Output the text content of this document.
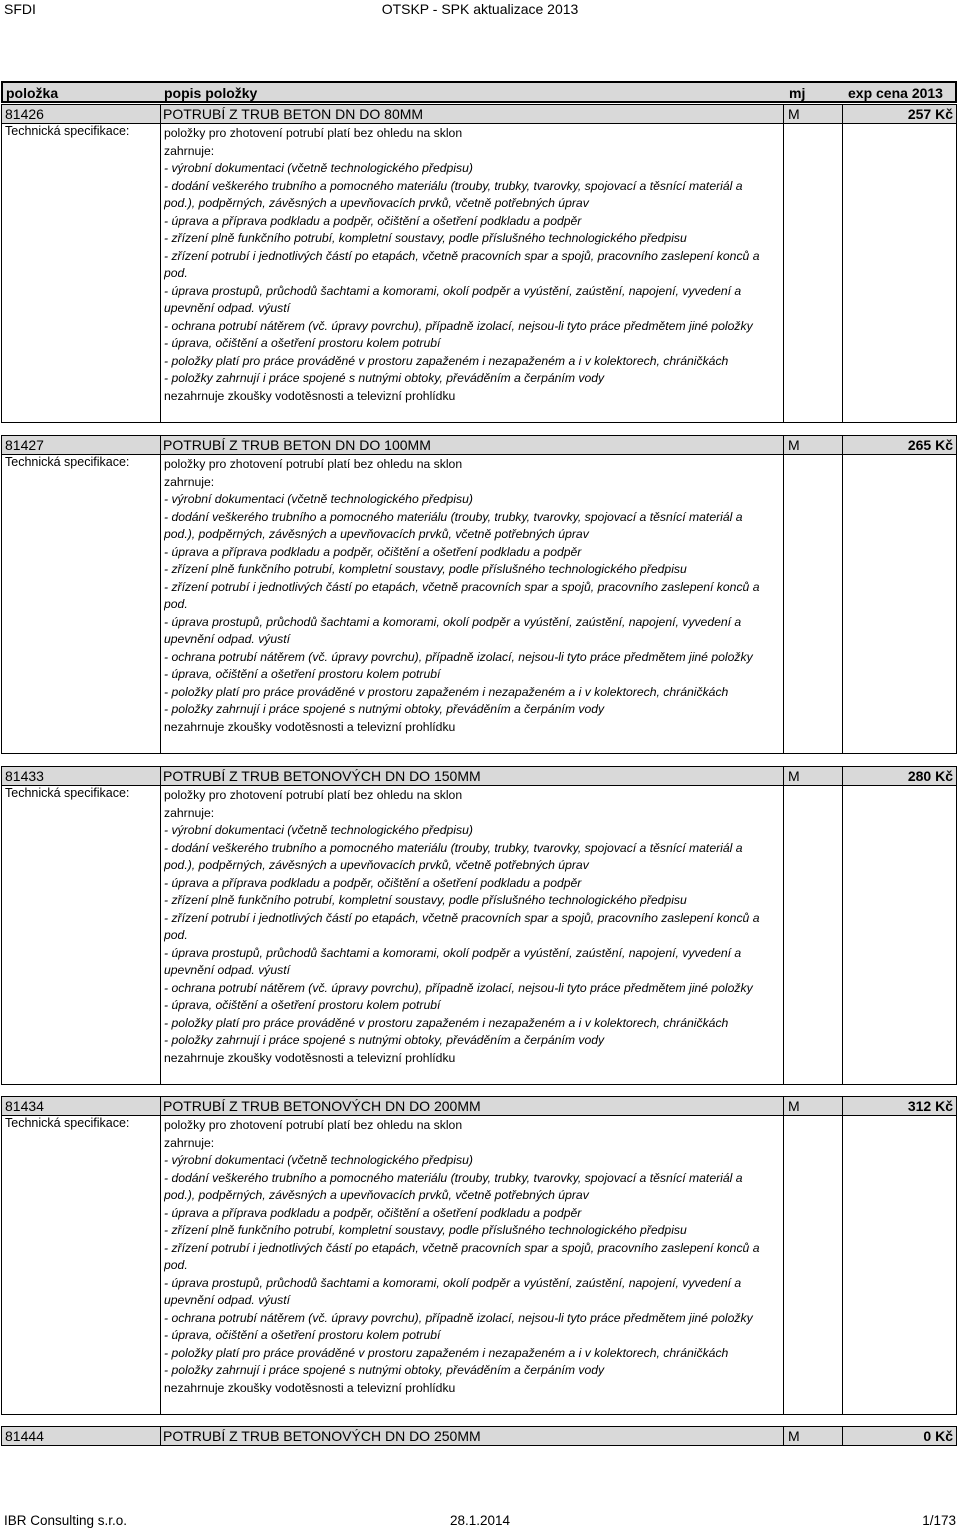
SFDI	OTSKP - SPK aktualizace 2013
položka	popis položky	mj	exp cena 2013
81426	POTRUBÍ Z TRUB BETON DN DO 80MM	M	257 Kč
Technická specifikace:	položky pro zhotovení potrubí platí bez ohledu na sklon
zahrnuje:
- výrobní dokumentaci (včetně technologického předpisu)
- dodání veškerého trubního a pomocného materiálu (trouby, trubky, tvarovky, spojovací a těsnící materiál a
pod.), podpěrných, závěsných a upevňovacích prvků, včetně potřebných úprav
- úprava a příprava podkladu a podpěr, očištění a ošetření podkladu a podpěr
- zřízení plně funkčního potrubí, kompletní soustavy, podle příslušného technologického předpisu
- zřízení potrubí i jednotlivých částí po etapách, včetně pracovních spar a spojů, pracovního zaslepení konců a
pod.
- úprava prostupů, průchodů šachtami a komorami, okolí podpěr a vyústění, zaústění, napojení, vyvedení a
upevnění odpad. výustí
- ochrana potrubí nátěrem (vč. úpravy povrchu), případně izolací, nejsou-li tyto práce předmětem jiné položky
- úprava, očištění a ošetření prostoru kolem potrubí
- položky platí pro práce prováděné v prostoru zapaženém i nezapaženém a i v kolektorech, chráničkách
- položky zahrnují i práce spojené s nutnými obtoky, převáděním a čerpáním vody
nezahrnuje zkoušky vodotěsnosti a televizní prohlídku
81427	POTRUBÍ Z TRUB BETON DN DO 100MM	M	265 Kč
Technická specifikace:	položky pro zhotovení potrubí platí bez ohledu na sklon
zahrnuje:
- výrobní dokumentaci (včetně technologického předpisu)
- dodání veškerého trubního a pomocného materiálu (trouby, trubky, tvarovky, spojovací a těsnící materiál a
pod.), podpěrných, závěsných a upevňovacích prvků, včetně potřebných úprav
- úprava a příprava podkladu a podpěr, očištění a ošetření podkladu a podpěr
- zřízení plně funkčního potrubí, kompletní soustavy, podle příslušného technologického předpisu
- zřízení potrubí i jednotlivých částí po etapách, včetně pracovních spar a spojů, pracovního zaslepení konců a
pod.
- úprava prostupů, průchodů šachtami a komorami, okolí podpěr a vyústění, zaústění, napojení, vyvedení a
upevnění odpad. výustí
- ochrana potrubí nátěrem (vč. úpravy povrchu), případně izolací, nejsou-li tyto práce předmětem jiné položky
- úprava, očištění a ošetření prostoru kolem potrubí
- položky platí pro práce prováděné v prostoru zapaženém i nezapaženém a i v kolektorech, chráničkách
- položky zahrnují i práce spojené s nutnými obtoky, převáděním a čerpáním vody
nezahrnuje zkoušky vodotěsnosti a televizní prohlídku
81433	POTRUBÍ Z TRUB BETONOVÝCH DN DO 150MM	M	280 Kč
Technická specifikace:	položky pro zhotovení potrubí platí bez ohledu na sklon
zahrnuje:
- výrobní dokumentaci (včetně technologického předpisu)
- dodání veškerého trubního a pomocného materiálu (trouby, trubky, tvarovky, spojovací a těsnící materiál a
pod.), podpěrných, závěsných a upevňovacích prvků, včetně potřebných úprav
- úprava a příprava podkladu a podpěr, očištění a ošetření podkladu a podpěr
- zřízení plně funkčního potrubí, kompletní soustavy, podle příslušného technologického předpisu
- zřízení potrubí i jednotlivých částí po etapách, včetně pracovních spar a spojů, pracovního zaslepení konců a
pod.
- úprava prostupů, průchodů šachtami a komorami, okolí podpěr a vyústění, zaústění, napojení, vyvedení a
upevnění odpad. výustí
- ochrana potrubí nátěrem (vč. úpravy povrchu), případně izolací, nejsou-li tyto práce předmětem jiné položky
- úprava, očištění a ošetření prostoru kolem potrubí
- položky platí pro práce prováděné v prostoru zapaženém i nezapaženém a i v kolektorech, chráničkách
- položky zahrnují i práce spojené s nutnými obtoky, převáděním a čerpáním vody
nezahrnuje zkoušky vodotěsnosti a televizní prohlídku
81434	POTRUBÍ Z TRUB BETONOVÝCH DN DO 200MM	M	312 Kč
Technická specifikace:	položky pro zhotovení potrubí platí bez ohledu na sklon
zahrnuje:
- výrobní dokumentaci (včetně technologického předpisu)
- dodání veškerého trubního a pomocného materiálu (trouby, trubky, tvarovky, spojovací a těsnící materiál a
pod.), podpěrných, závěsných a upevňovacích prvků, včetně potřebných úprav
- úprava a příprava podkladu a podpěr, očištění a ošetření podkladu a podpěr
- zřízení plně funkčního potrubí, kompletní soustavy, podle příslušného technologického předpisu
- zřízení potrubí i jednotlivých částí po etapách, včetně pracovních spar a spojů, pracovního zaslepení konců a
pod.
- úprava prostupů, průchodů šachtami a komorami, okolí podpěr a vyústění, zaústění, napojení, vyvedení a
upevnění odpad. výustí
- ochrana potrubí nátěrem (vč. úpravy povrchu), případně izolací, nejsou-li tyto práce předmětem jiné položky
- úprava, očištění a ošetření prostoru kolem potrubí
- položky platí pro práce prováděné v prostoru zapaženém i nezapaženém a i v kolektorech, chráničkách
- položky zahrnují i práce spojené s nutnými obtoky, převáděním a čerpáním vody
nezahrnuje zkoušky vodotěsnosti a televizní prohlídku
81444	POTRUBÍ Z TRUB BETONOVÝCH DN DO 250MM	M	0 Kč
IBR Consulting s.r.o.	28.1.2014	1/173
